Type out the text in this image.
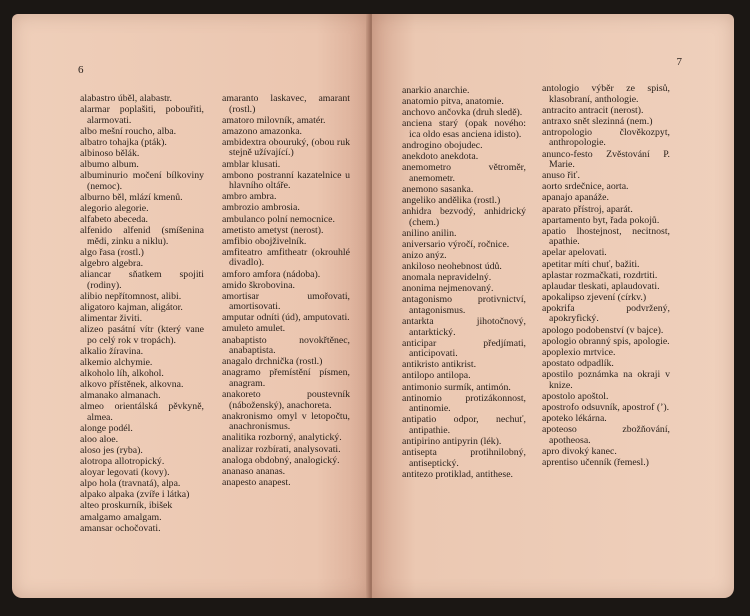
6
alabastro úběl, alabastr.
alarmar poplašiti, pobouřiti, alarmovati.
albo mešní roucho, alba.
albatro tohajka (pták).
albinoso bělák.
albumo album.
albuminurio močení bílkoviny (nemoc).
alburno běl, mlází kmenů.
alegorio alegorie.
alfabeto abeceda.
alfenido alfenid (smíšenina mědi, zinku a niklu).
algo řasa (rostl.)
algebro algebra.
aliancar sňatkem spojiti (rodiny).
alibio nepřítomnost, alibi.
aligatoro kajman, aligátor.
alimentar živiti.
alizeo pasátní vítr (který vane po celý rok v tropách).
alkalio žíravina.
alkemio alchymie.
alkoholo líh, alkohol.
alkovo přístěnek, alkovna.
almanako almanach.
almeo orientálská pěvkyně, almea.
alonge podél.
aloo aloe.
aloso jes (ryba).
alotropa allotropický.
aloyar legovati (kovy).
alpo hola (travnatá), alpa.
alpako alpaka (zvíře i látka)
alteo proskurník, ibišek
amalgamo amalgam.
amansar ochočovati.
amaranto laskavec, amarant (rostl.)
amatoro milovník, amatér.
amazono amazonka.
ambidextra obouruký, (obou ruk stejně užívající.)
amblar klusati.
ambono postranní kazatelnice u hlavního oltáře.
ambro ambra.
ambrozio ambrosia.
ambulanco polní nemocnice.
ametisto ametyst (nerost).
amfibio obojživelník.
amfiteatro amfitheatr (okrouhlé divadlo).
amforo amfora (nádoba).
amido škrobovina.
amortisar	umořovati, amortisovati.
amputar odníti (úd), amputovati.
amuleto amulet.
anabaptisto	novokřtěnec, anabaptista.
anagalo drchnička (rostl.)
anagramo přemístění písmen, anagram.
anakoreto	poustevník (náboženský), anachoreta.
anakronismo omyl v letopočtu, anachronismus.
analitika rozborný, analytický.
analizar rozbírati, analysovati.
analoga obdobný, analogický.
ananaso ananas.
anapesto anapest.
7
anarkio anarchie.
anatomio pitva, anatomie.
anchovo ančovka (druh sledě).
anciena starý (opak nového: ica oldo esas anciena idisto).
androgino obojudec.
anekdoto anekdota.
anemometro	větroměr, anemometr.
anemono sasanka.
angeliko andělika (rostl.)
anhidra bezvodý, anhidrický (chem.)
anilino anilin.
aniversario výročí, ročnice.
anizo anýz.
ankiloso neohebnost údů.
anomala nepravidelný.
anonima nejmenovaný.
antagonismo	protivnictví, antagonismus.
antarkta	jihotočnový, antarktický.
anticipar	předjímati, anticipovati.
antikristo antikrist.
antilopo antilopa.
antimonio surmík, antimón.
antinomio protizákonnost, antinomie.
antipatio odpor, nechuť, antipathie.
antipirino antipyrin (lék).
antisepta	protihnilobný, antiseptický.
antitezo protiklad, antithese.
antologio výběr ze spisů, klasobraní, anthologie.
antracito antracit (nerost).
antraxo snět slezinná (nem.)
antropologio	člověkozpyt, anthropologie.
anunco-festo Zvěstování P. Marie.
anuso řiť.
aorto srdečnice, aorta.
apanajo apanáže.
aparato přístroj, aparát.
apartamento byt, řada pokojů.
apatio lhostejnost, necitnost, apathie.
apelar apelovati.
apetitar míti chuť, bažiti.
aplastar rozmačkati, rozdrtiti.
aplaudar tleskati, aplaudovati.
apokalipso zjevení (církv.)
apokrifa	podvržený, apokryfický.
apologo podobenství (v bajce).
apologio obranný spis, apologie.
apoplexio mrtvice.
apostato odpadlík.
apostilo poznámka na okraji v knize.
apostolo apoštol.
apostrofo odsuvník, apostrof (’).
apoteko lékárna.
apoteoso	zbožňování, apotheosa.
apro divoký kanec.
aprentiso učenník (řemesl.)
